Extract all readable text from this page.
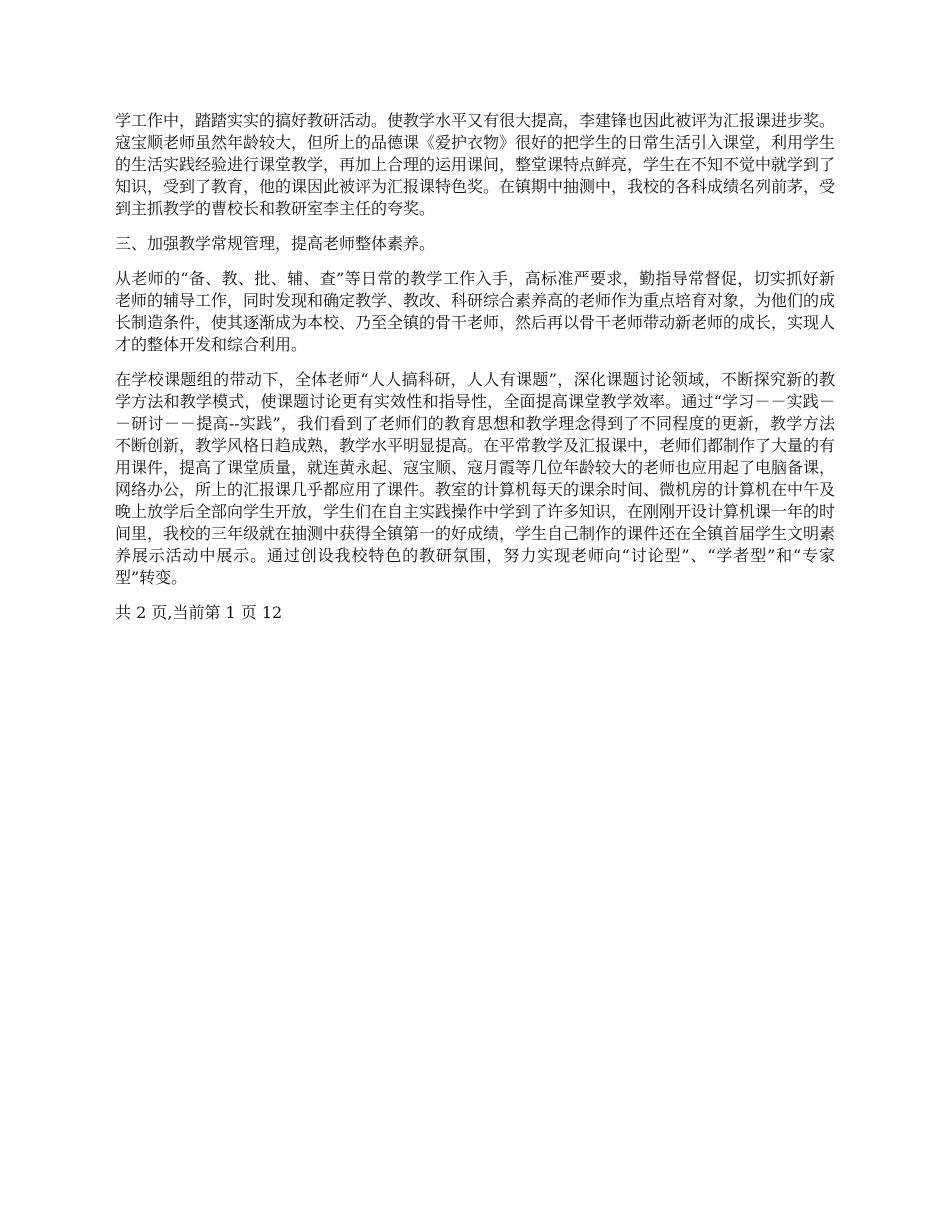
学工作中，踏踏实实的搞好教研活动。使教学水平又有很大提高，李建锋也因此被评为汇报课进步奖。寇宝顺老师虽然年龄较大，但所上的品德课《爱护衣物》很好的把学生的日常生活引入课堂，利用学生的生活实践经验进行课堂教学，再加上合理的运用课间，整堂课特点鲜亮，学生在不知不觉中就学到了知识，受到了教育，他的课因此被评为汇报课特色奖。在镇期中抽测中，我校的各科成绩名列前茅，受到主抓教学的曹校长和教研室李主任的夸奖。

三、加强教学常规管理，提高老师整体素养。

从老师的“备、教、批、辅、查”等日常的教学工作入手，高标准严要求，勤指导常督促，切实抓好新老师的辅导工作，同时发现和确定教学、教改、科研综合素养高的老师作为重点培育对象，为他们的成长制造条件，使其逐渐成为本校、乃至全镇的骨干老师，然后再以骨干老师带动新老师的成长，实现人才的整体开发和综合利用。

在学校课题组的带动下，全体老师“人人搞科研，人人有课题”，深化课题讨论领域，不断探究新的教学方法和教学模式，使课题讨论更有实效性和指导性，全面提高课堂教学效率。通过“学习－－实践－－研讨－－提高--实践”，我们看到了老师们的教育思想和教学理念得到了不同程度的更新，教学方法不断创新，教学风格日趋成熟，教学水平明显提高。在平常教学及汇报课中，老师们都制作了大量的有用课件，提高了课堂质量，就连黄永起、寇宝顺、寇月霞等几位年龄较大的老师也应用起了电脑备课，网络办公，所上的汇报课几乎都应用了课件。教室的计算机每天的课余时间、微机房的计算机在中午及晚上放学后全部向学生开放，学生们在自主实践操作中学到了许多知识，在刚刚开设计算机课一年的时间里，我校的三年级就在抽测中获得全镇第一的好成绩，学生自己制作的课件还在全镇首届学生文明素养展示活动中展示。通过创设我校特色的教研氛围，努力实现老师向“讨论型”、“学者型”和“专家型”转变。

共 2 页,当前第 1 页 12
